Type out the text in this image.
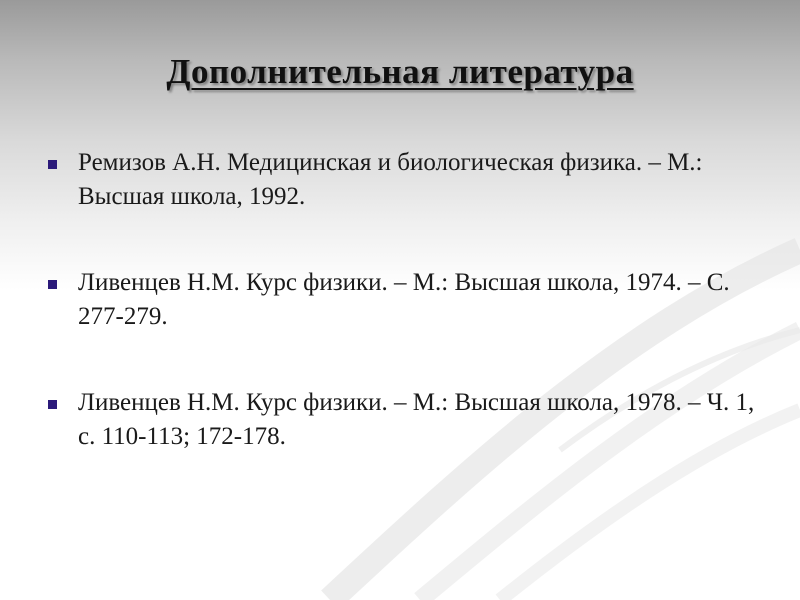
Дополнительная литература
Ремизов А.Н. Медицинская и биологическая физика. – М.: Высшая школа, 1992.
Ливенцев Н.М. Курс физики. – М.: Высшая школа, 1974. – С. 277-279.
Ливенцев Н.М. Курс физики. – М.: Высшая школа, 1978. – Ч. 1, с. 110-113; 172-178.
